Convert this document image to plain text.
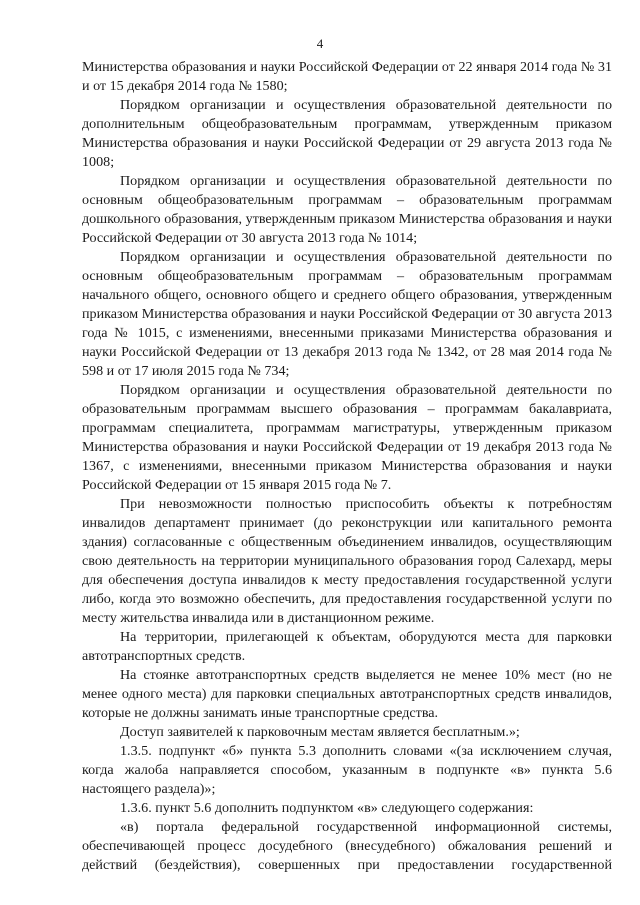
4

Министерства образования и науки Российской Федерации от 22 января 2014 года № 31 и от 15 декабря 2014 года № 1580;

Порядком организации и осуществления образовательной деятельности по дополнительным общеобразовательным программам, утвержденным приказом Министерства образования и науки Российской Федерации от 29 августа 2013 года № 1008;

Порядком организации и осуществления образовательной деятельности по основным общеобразовательным программам – образовательным программам дошкольного образования, утвержденным приказом Министерства образования и науки Российской Федерации от 30 августа 2013 года № 1014;

Порядком организации и осуществления образовательной деятельности по основным общеобразовательным программам – образовательным программам начального общего, основного общего и среднего общего образования, утвержденным приказом Министерства образования и науки Российской Федерации от 30 августа 2013 года № 1015, с изменениями, внесенными приказами Министерства образования и науки Российской Федерации от 13 декабря 2013 года № 1342, от 28 мая 2014 года № 598 и от 17 июля 2015 года № 734;

Порядком организации и осуществления образовательной деятельности по образовательным программам высшего образования – программам бакалавриата, программам специалитета, программам магистратуры, утвержденным приказом Министерства образования и науки Российской Федерации от 19 декабря 2013 года № 1367, с изменениями, внесенными приказом Министерства образования и науки Российской Федерации от 15 января 2015 года № 7.

При невозможности полностью приспособить объекты к потребностям инвалидов департамент принимает (до реконструкции или капитального ремонта здания) согласованные с общественным объединением инвалидов, осуществляющим свою деятельность на территории муниципального образования город Салехард, меры для обеспечения доступа инвалидов к месту предоставления государственной услуги либо, когда это возможно обеспечить, для предоставления государственной услуги по месту жительства инвалида или в дистанционном режиме.

На территории, прилегающей к объектам, оборудуются места для парковки автотранспортных средств.

На стоянке автотранспортных средств выделяется не менее 10% мест (но не менее одного места) для парковки специальных автотранспортных средств инвалидов, которые не должны занимать иные транспортные средства.

Доступ заявителей к парковочным местам является бесплатным.»;

1.3.5. подпункт «б» пункта 5.3 дополнить словами «(за исключением случая, когда жалоба направляется способом, указанным в подпункте «в» пункта 5.6 настоящего раздела)»;

1.3.6. пункт 5.6 дополнить подпунктом «в» следующего содержания:

«в) портала федеральной государственной информационной системы, обеспечивающей процесс досудебного (внесудебного) обжалования решений и действий (бездействия), совершенных при предоставлении государственной
